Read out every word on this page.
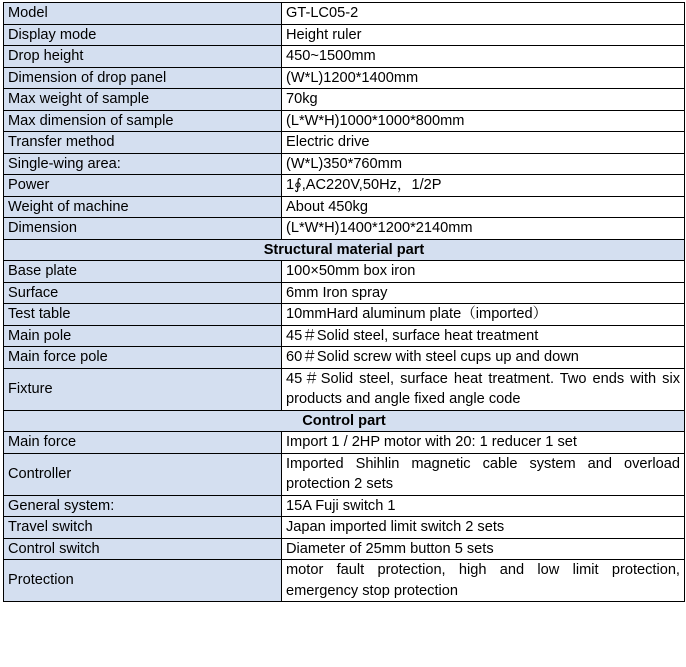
Model	GT-LC05-2
Display mode	Height ruler
Drop height	450~1500mm
Dimension of drop panel	(W*L)1200*1400mm
Max weight of sample	70kg
Max dimension of sample	(L*W*H)1000*1000*800mm
Transfer method	Electric drive
Single-wing area:	(W*L)350*760mm
Power	1∮,AC220V,50Hz，1/2P
Weight of machine	About 450kg
Dimension	(L*W*H)1400*1200*2140mm
Structural material part	
Base plate	100×50mm box iron
Surface	6mm Iron spray
Test table	10mmHard aluminum plate（imported）
Main pole	45＃Solid steel, surface heat treatment
Main force pole	60＃Solid screw with steel cups up and down
Fixture	45＃Solid steel, surface heat treatment. Two ends with six products and angle fixed angle code
Control part	
Main force	Import 1 / 2HP motor with 20: 1 reducer 1 set
Controller	Imported Shihlin magnetic cable system and overload protection 2 sets
General system:	15A Fuji switch 1
Travel switch	Japan imported limit switch 2 sets
Control switch	Diameter of 25mm button 5 sets
Protection	motor fault protection, high and low limit protection, emergency stop protection
